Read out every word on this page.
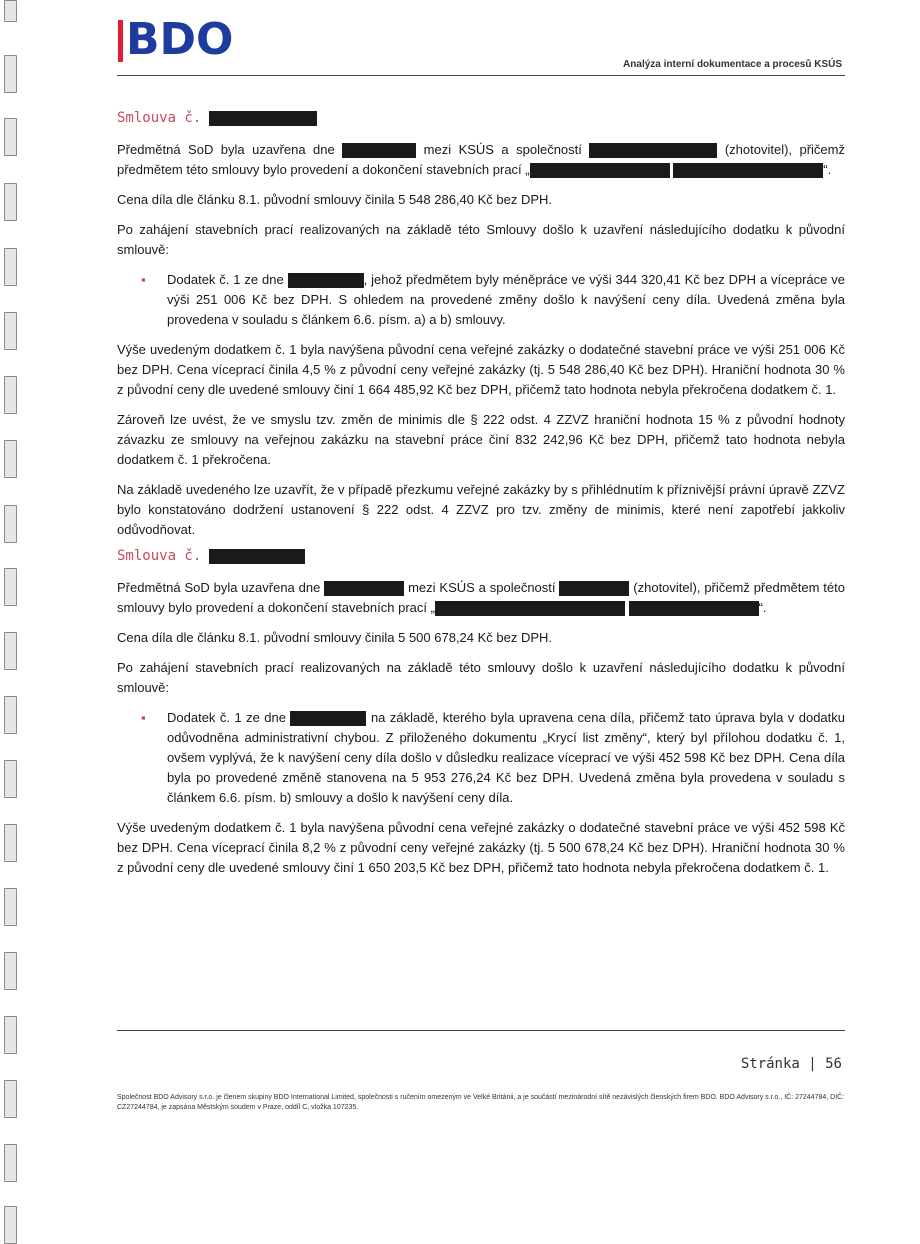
BDO	Analýza interní dokumentace a procesů KSÚS
Smlouva č.

Předmětná SoD byla uzavřena dne	mezi KSÚS a společností	(zhotovitel), přičemž předmětem této smlouvy bylo provedení a dokončení stavebních prací „	“.

Cena díla dle článku 8.1. původní smlouvy činila 5 548 286,40 Kč bez DPH.

Po zahájení stavebních prací realizovaných na základě této Smlouvy došlo k uzavření následujícího dodatku k původní smlouvě:

▪	Dodatek č. 1 ze dne	, jehož předmětem byly méněpráce ve výši 344 320,41 Kč bez DPH a vícepráce ve výši 251 006 Kč bez DPH. S ohledem na provedené změny došlo k navýšení ceny díla. Uvedená změna byla provedena v souladu s článkem 6.6. písm. a) a b) smlouvy.

Výše uvedeným dodatkem č. 1 byla navýšena původní cena veřejné zakázky o dodatečné stavební práce ve výši 251 006 Kč bez DPH. Cena víceprací činila 4,5 % z původní ceny veřejné zakázky (tj. 5 548 286,40 Kč bez DPH). Hraniční hodnota 30 % z původní ceny dle uvedené smlouvy činí 1 664 485,92 Kč bez DPH, přičemž tato hodnota nebyla překročena dodatkem č. 1.

Zároveň lze uvést, že ve smyslu tzv. změn de minimis dle § 222 odst. 4 ZZVZ hraniční hodnota 15 % z původní hodnoty závazku ze smlouvy na veřejnou zakázku na stavební práce činí 832 242,96 Kč bez DPH, přičemž tato hodnota nebyla dodatkem č. 1 překročena.

Na základě uvedeného lze uzavřít, že v případě přezkumu veřejné zakázky by s přihlédnutím k příznivější právní úpravě ZZVZ bylo konstatováno dodržení ustanovení § 222 odst. 4 ZZVZ pro tzv. změny de minimis, které není zapotřebí jakkoliv odůvodňovat.

Smlouva č.

Předmětná SoD byla uzavřena dne	mezi KSÚS a společností	(zhotovitel), přičemž předmětem této smlouvy bylo provedení a dokončení stavebních prací „	“.

Cena díla dle článku 8.1. původní smlouvy činila 5 500 678,24 Kč bez DPH.

Po zahájení stavebních prací realizovaných na základě této smlouvy došlo k uzavření následujícího dodatku k původní smlouvě:

▪	Dodatek č. 1 ze dne	na základě, kterého byla upravena cena díla, přičemž tato úprava byla v dodatku odůvodněna administrativní chybou. Z přiloženého dokumentu „Krycí list změny“, který byl přílohou dodatku č. 1, ovšem vyplývá, že k navýšení ceny díla došlo v důsledku realizace víceprací ve výši 452 598 Kč bez DPH. Cena díla byla po provedené změně stanovena na 5 953 276,24 Kč bez DPH. Uvedená změna byla provedena v souladu s článkem 6.6. písm. b) smlouvy a došlo k navýšení ceny díla.

Výše uvedeným dodatkem č. 1 byla navýšena původní cena veřejné zakázky o dodatečné stavební práce ve výši 452 598 Kč bez DPH. Cena víceprací činila 8,2 % z původní ceny veřejné zakázky (tj. 5 500 678,24 Kč bez DPH). Hraniční hodnota 30 % z původní ceny dle uvedené smlouvy činí 1 650 203,5 Kč bez DPH, přičemž tato hodnota nebyla překročena dodatkem č. 1.

Stránka | 56
Společnost BDO Advisory s.r.o. je členem skupiny BDO International Limited, společnosti s ručením omezeným ve Velké Británii, a je součástí mezinárodní sítě nezávislých členských firem BDO. BDO Advisory s.r.o., IČ: 27244784, DIČ: CZ27244784, je zapsána Městským soudem v Praze, oddíl C, vložka 107235.
